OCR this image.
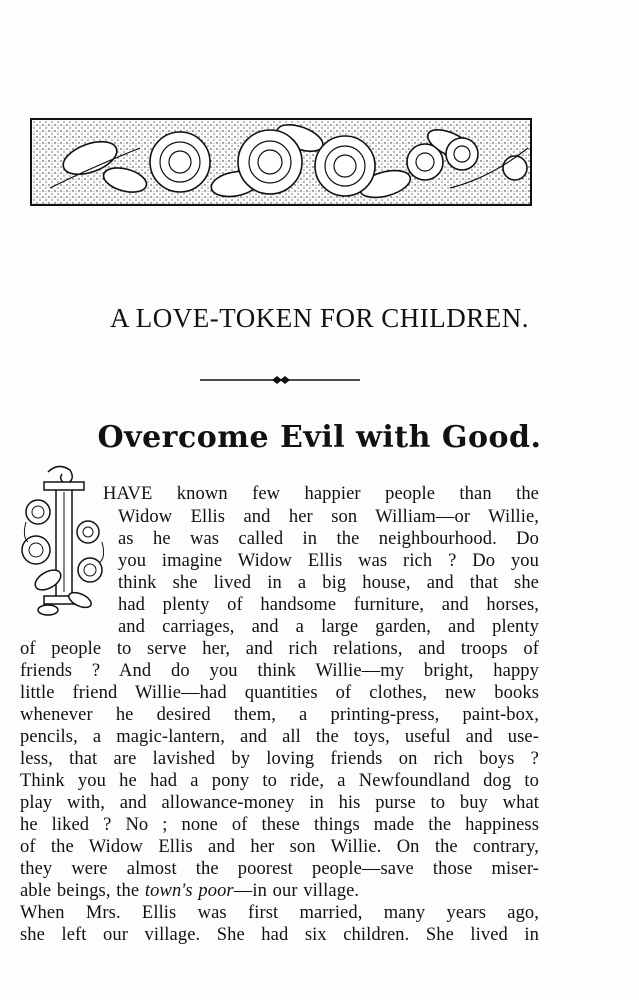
A LOVE-TOKEN FOR CHILDREN.
Overcome Evil with Good.

HAVE known few happier people than the

Widow Ellis and her son William—or Willie,

as he was called in the neighbourhood. Do

you imagine Widow Ellis was rich ? Do you

think she lived in a big house, and that she

had plenty of handsome furniture, and horses,

and carriages, and a large garden, and plenty

of people to serve her, and rich relations, and troops of

friends ? And do you think Willie—my bright, happy

little friend Willie—had quantities of clothes, new books

whenever he desired them, a printing-press, paint-box,

pencils, a magic-lantern, and all the toys, useful and use-

less, that are lavished by loving friends on rich boys ?

Think you he had a pony to ride, a Newfoundland dog to

play with, and allowance-money in his purse to buy what

he liked ? No ; none of these things made the happiness

of the Widow Ellis and her son Willie. On the contrary,

they were almost the poorest people—save those miser-

able beings, the town's poor—in our village.

When Mrs. Ellis was first married, many years ago,

she left our village. She had six children. She lived in
